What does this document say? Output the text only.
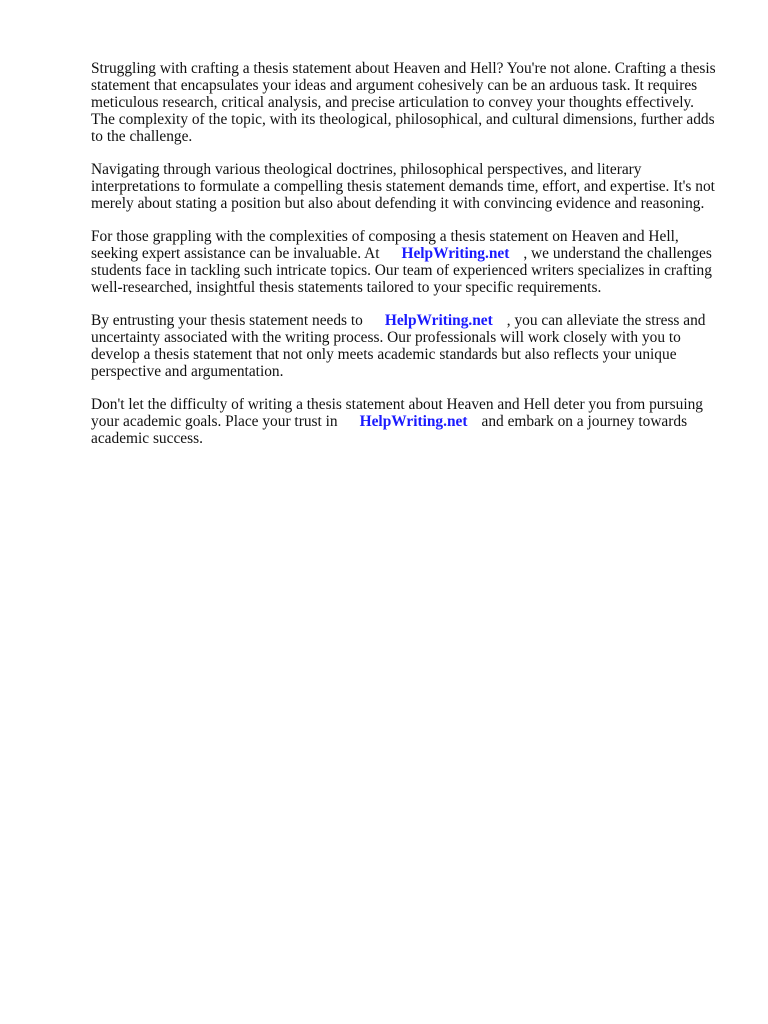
Struggling with crafting a thesis statement about Heaven and Hell? You're not alone. Crafting a thesis statement that encapsulates your ideas and argument cohesively can be an arduous task. It requires meticulous research, critical analysis, and precise articulation to convey your thoughts effectively. The complexity of the topic, with its theological, philosophical, and cultural dimensions, further adds to the challenge.

Navigating through various theological doctrines, philosophical perspectives, and literary interpretations to formulate a compelling thesis statement demands time, effort, and expertise. It's not merely about stating a position but also about defending it with convincing evidence and reasoning.

For those grappling with the complexities of composing a thesis statement on Heaven and Hell, seeking expert assistance can be invaluable. At HelpWriting.net , we understand the challenges students face in tackling such intricate topics. Our team of experienced writers specializes in crafting well-researched, insightful thesis statements tailored to your specific requirements.

By entrusting your thesis statement needs to HelpWriting.net , you can alleviate the stress and uncertainty associated with the writing process. Our professionals will work closely with you to develop a thesis statement that not only meets academic standards but also reflects your unique perspective and argumentation.

Don't let the difficulty of writing a thesis statement about Heaven and Hell deter you from pursuing your academic goals. Place your trust in HelpWriting.net and embark on a journey towards academic success.
